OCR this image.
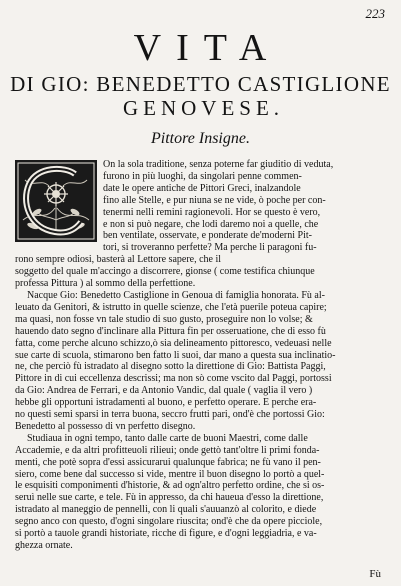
223
VITA
DI GIO: BENEDETTO CASTIGLIONE
GENOVESE.
Pittore Insigne.
On la sola traditione, senza poterne far giuditio di veduta,
furono in più luoghi, da singolari penne commen-
date le opere antiche de Pittori Greci, inalzandole
fino alle Stelle, e pur niuna se ne vide, ò poche per con-
tenermi nelli remini ragionevoli. Hor se questo è vero,
e non si può negare, che lodi daremo noi a quelle, che
ben ventilate, osservate, e ponderate de'moderni Pit-
tori, si troveranno perfette? Ma perche li paragoni fu-
rono sempre odiosi, basterà al Lettore sapere, che il
soggetto del quale m'accingo a discorrere, gionse ( come testifica chiunque
professa Pittura ) al sommo della perfettione.
Nacque Gio: Benedetto Castiglione in Genoua di famiglia honorata. Fù al-
leuato da Genitori, & istrutto in quelle scienze, che l'età puerile poteua capire;
ma quasi, non fosse vn tale studio di suo gusto, proseguire non lo volse; &
hauendo dato segno d'inclinare alla Pittura fin per osseruatione, che di esso fù
fatta, come perche alcuno schizzo,ò sia delineamento pittoresco, vedeuasi nelle
sue carte di scuola, stimarono ben fatto li suoi, dar mano a questa sua inclinatio-
ne, che perciò fù istradato al disegno sotto la direttione di Gio: Battista Paggi,
Pittore in di cui eccellenza descrissi; ma non sò come vscito dal Paggi, portossi
da Gio: Andrea de Ferrari, e da Antonio Vandic, dal quale ( vaglia il vero )
hebbe gli opportuni istradamenti al buono, e perfetto operare. E perche era-
no questi semi sparsi in terra buona, seccro frutti pari, ond'è che portossi Gio:
Benedetto al possesso di vn perfetto disegno.
Studiaua in ogni tempo, tanto dalle carte de buoni Maestri, come dalle
Accademie, e da altri profitteuoli rilieui; onde gettò tant'oltre li primi fonda-
menti, che potè sopra d'essi assicurarui qualunque fabrica; ne fù vano il pen-
siero, come bene dal successo si vide, mentre il buon disegno lo portò a quel-
le esquisiti componimenti d'historie, & ad ogn'altro perfetto ordine, che si os-
seruì nelle sue carte, e tele. Fù in appresso, da chi haueua d'esso la direttione,
istradato al maneggio de pennelli, con li quali s'auuanzò al colorito, e diede
segno anco con questo, d'ogni singolare riuscita; ond'è che da opere picciole,
si portò a tauole grandi historiate, ricche di figure, e d'ogni leggiadria, e va-
ghezza ornate.
Fù
